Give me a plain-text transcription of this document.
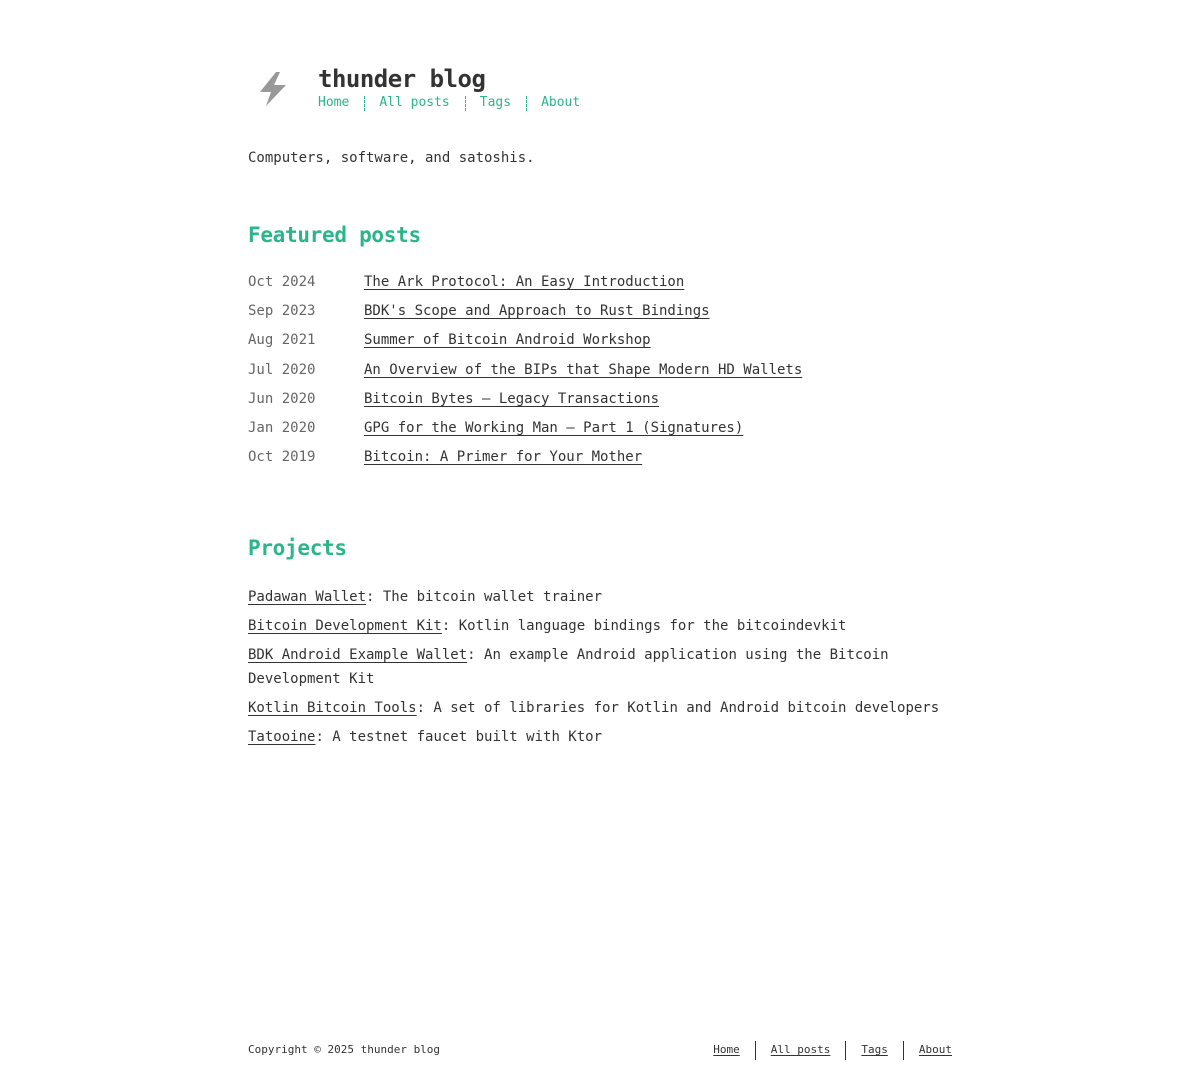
thunder blog
Home All posts Tags About

Computers, software, and satoshis.

Featured posts
Oct 2024	The Ark Protocol: An Easy Introduction
Sep 2023	BDK's Scope and Approach to Rust Bindings
Aug 2021	Summer of Bitcoin Android Workshop
Jul 2020	An Overview of the BIPs that Shape Modern HD Wallets
Jun 2020	Bitcoin Bytes — Legacy Transactions
Jan 2020	GPG for the Working Man — Part 1 (Signatures)
Oct 2019	Bitcoin: A Primer for Your Mother
Projects
Padawan Wallet: The bitcoin wallet trainer
Bitcoin Development Kit: Kotlin language bindings for the bitcoindevkit
BDK Android Example Wallet: An example Android application using the Bitcoin Development Kit
Kotlin Bitcoin Tools: A set of libraries for Kotlin and Android bitcoin developers
Tatooine: A testnet faucet built with Ktor
Copyright © 2025 thunder blog	Home	All posts	Tags	About
